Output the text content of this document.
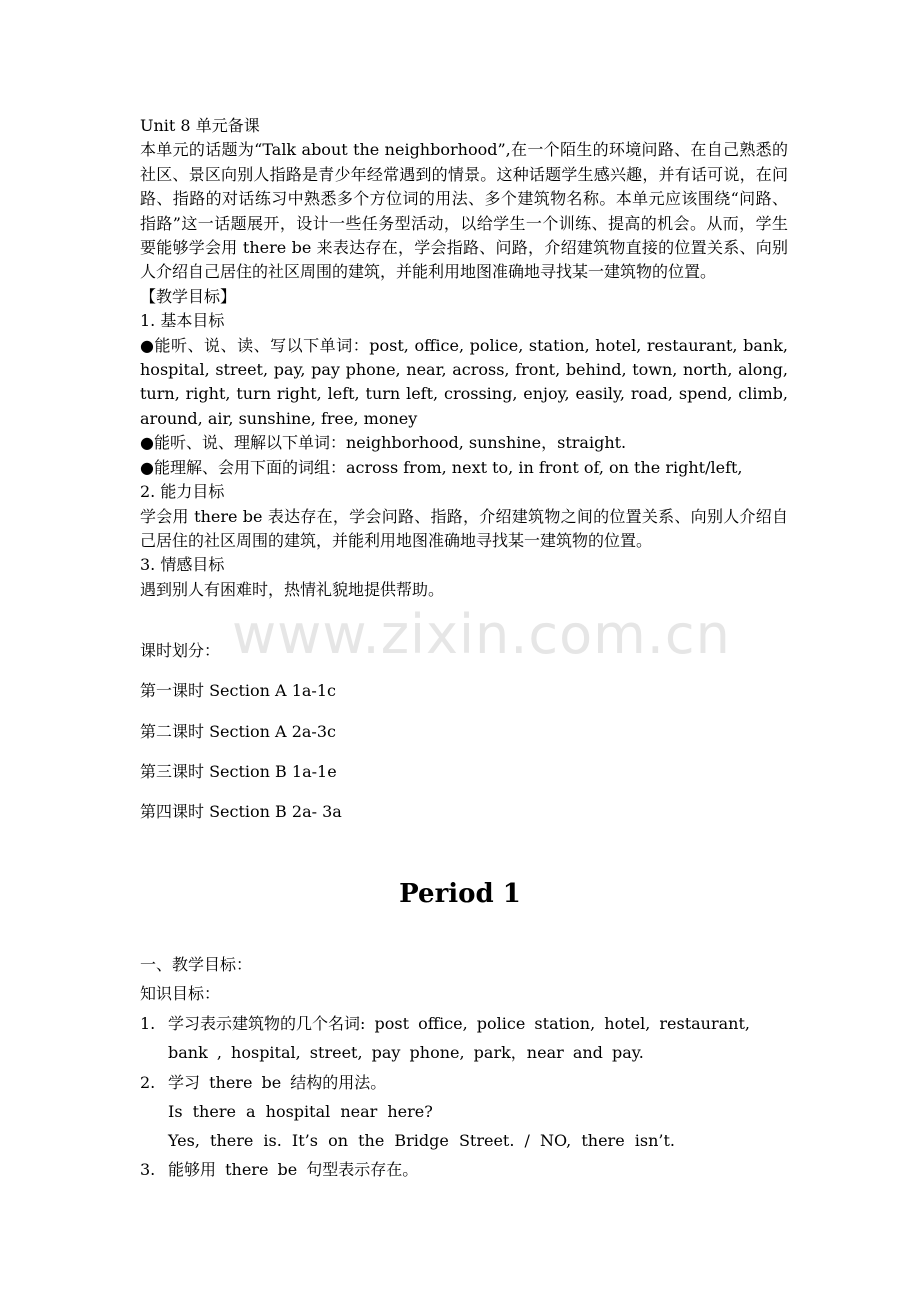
www.zixin.com.cn

Unit 8 单元备课

本单元的话题为“Talk about the neighborhood”,在一个陌生的环境问路、在自己熟悉的社区、景区向别人指路是青少年经常遇到的情景。这种话题学生感兴趣，并有话可说，在问路、指路的对话练习中熟悉多个方位词的用法、多个建筑物名称。本单元应该围绕“问路、指路”这一话题展开，设计一些任务型活动，以给学生一个训练、提高的机会。从而，学生要能够学会用 there be 来表达存在，学会指路、问路，介绍建筑物直接的位置关系、向别人介绍自己居住的社区周围的建筑，并能利用地图准确地寻找某一建筑物的位置。

【教学目标】

1. 基本目标

●能听、说、读、写以下单词：post, office, police, station, hotel, restaurant, bank, hospital, street, pay, pay phone, near, across, front, behind, town, north, along, turn, right, turn right, left, turn left, crossing, enjoy, easily, road, spend, climb, around, air, sunshine, free, money

●能听、说、理解以下单词：neighborhood, sunshine，straight.

●能理解、会用下面的词组：across from, next to, in front of, on the right/left,

2. 能力目标

学会用 there be 表达存在，学会问路、指路，介绍建筑物之间的位置关系、向别人介绍自己居住的社区周围的建筑，并能利用地图准确地寻找某一建筑物的位置。

3. 情感目标

遇到别人有困难时，热情礼貌地提供帮助。

课时划分：
第一课时 Section A 1a-1c
第二课时 Section A 2a-3c
第三课时 Section B 1a-1e
第四课时 Section B 2a- 3a
Period 1
一、教学目标：
知识目标：
1. 学习表示建筑物的几个名词: post office, police station, hotel, restaurant, bank , hospital, street, pay phone, park，near and pay.
2. 学习 there be 结构的用法。
Is there a hospital near here?
Yes, there is. It’s on the Bridge Street. / NO, there isn’t.
3. 能够用 there be 句型表示存在。
